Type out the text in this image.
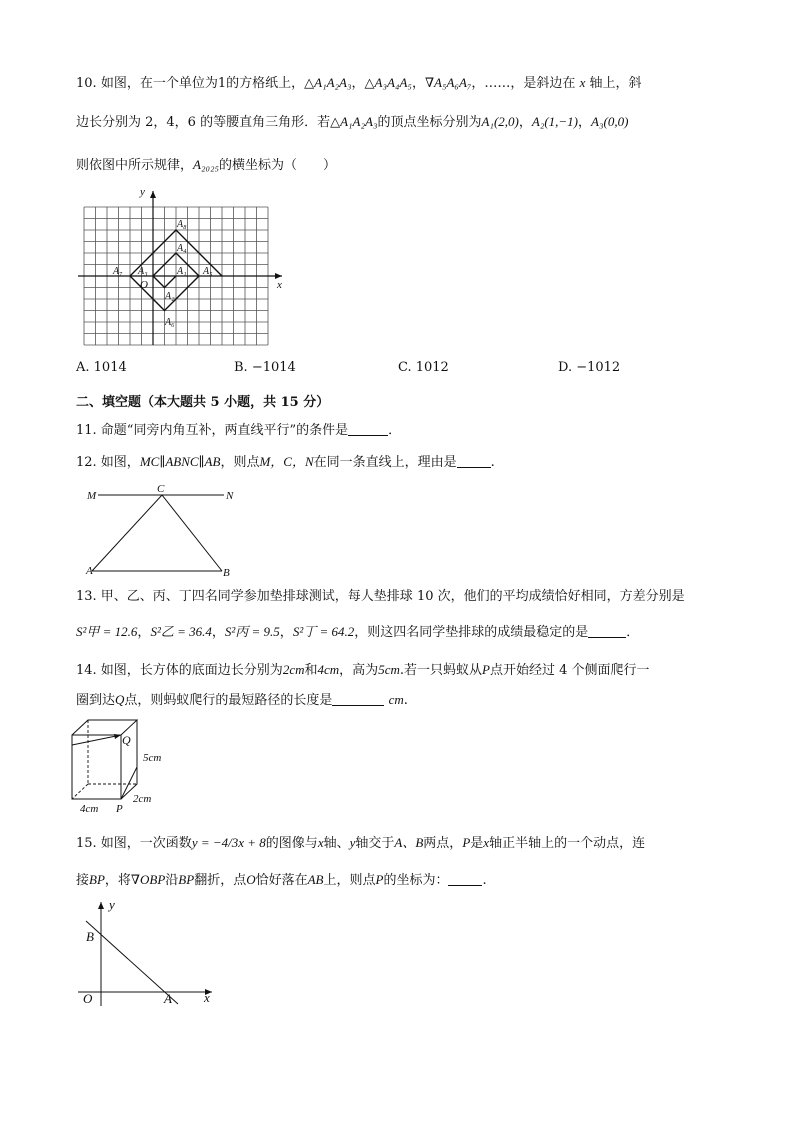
10. 如图，在一个单位为1的方格纸上，△A₁A₂A₃，△A₃A₄A₅，∇A₅A₆A₇，……，是斜边在 x 轴上，斜
边长分别为 2，4，6 的等腰直角三角形．若△A₁A₂A₃的顶点坐标分别为A₁(2,0)，A₂(1,−1)，A₃(0,0)
则依图中所示规律，A₂₀₂₅的横坐标为（　　）
y
x
O
A₁
A₂
A₃
A₄
A₅
A₆
A₇
A₈
A. 1014	B. −1014	C. 1012	D. −1012
二、填空题（本大题共 5 小题，共 15 分）
11. 命题“同旁内角互补，两直线平行”的条件是	．
12. 如图，MC∥ABNC∥AB，则点M，C，N在同一条直线上，理由是	.
M
C
N
A	B
13. 甲、乙、丙、丁四名同学参加垫排球测试，每人垫排球 10 次，他们的平均成绩恰好相同，方差分别是
S²甲 = 12.6，S²乙 = 36.4，S²丙 = 9.5，S²丁 = 64.2，则这四名同学垫排球的成绩最稳定的是	．
14. 如图，长方体的底面边长分别为2cm和4cm，高为5cm.若一只蚂蚁从P点开始经过 4 个侧面爬行一
圈到达Q点，则蚂蚁爬行的最短路径的长度是	cm.
Q
5cm
4cm P
2cm
15. 如图，一次函数y = −4/3x + 8的图像与x轴、y轴交于A、B两点，P是x轴正半轴上的一个动点，连
接BP，将∇OBP沿BP翻折，点O恰好落在AB上，则点P的坐标为：	.
y
x
B
O	A
